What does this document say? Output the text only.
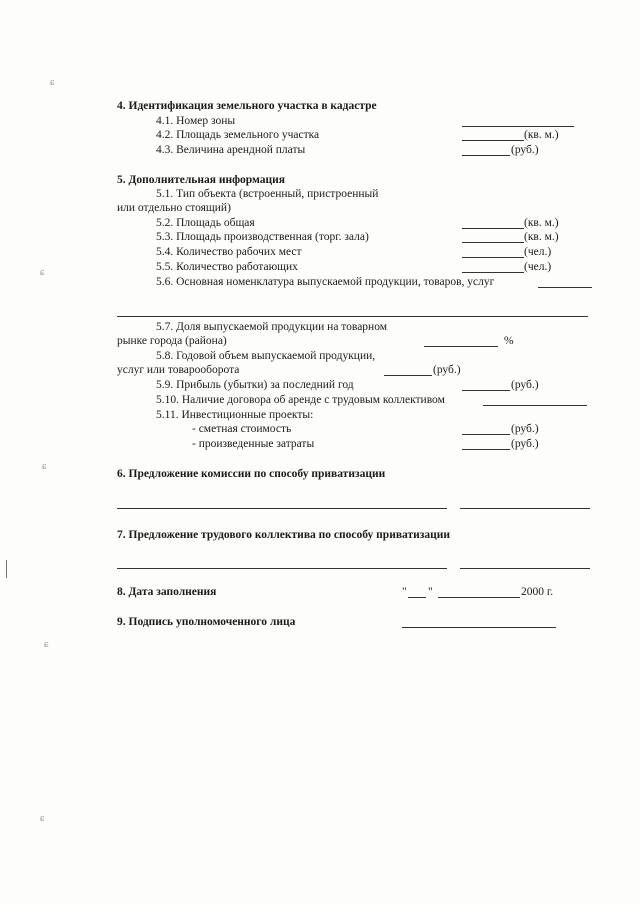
ɕ
ɕ
ɕ
ɕ
ɕ
4. Идентификация земельного участка в кадастре
4.1. Номер зоны
4.2. Площадь земельного участка	(кв. м.)
4.3. Величина арендной платы	(руб.)
5. Дополнительная информация
5.1. Тип объекта (встроенный, пристроенный
или отдельно стоящий)
5.2. Площадь общая	(кв. м.)
5.3. Площадь производственная (торг. зала)	(кв. м.)
5.4. Количество рабочих мест	(чел.)
5.5. Количество работающих	(чел.)
5.6. Основная номенклатура выпускаемой продукции, товаров, услуг
5.7. Доля выпускаемой продукции на товарном
рынке города (района)	%
5.8. Годовой объем выпускаемой продукции,
услуг или товарооборота	(руб.)
5.9. Прибыль (убытки) за последний год	(руб.)
5.10. Наличие договора об аренде с трудовым коллективом
5.11. Инвестиционные проекты:
- сметная стоимость	(руб.)
- произведенные затраты	(руб.)
6. Предложение комиссии по способу приватизации
7. Предложение трудового коллектива по способу приватизации
8. Дата заполнения	" "	2000 г.
9. Подпись уполномоченного лица
